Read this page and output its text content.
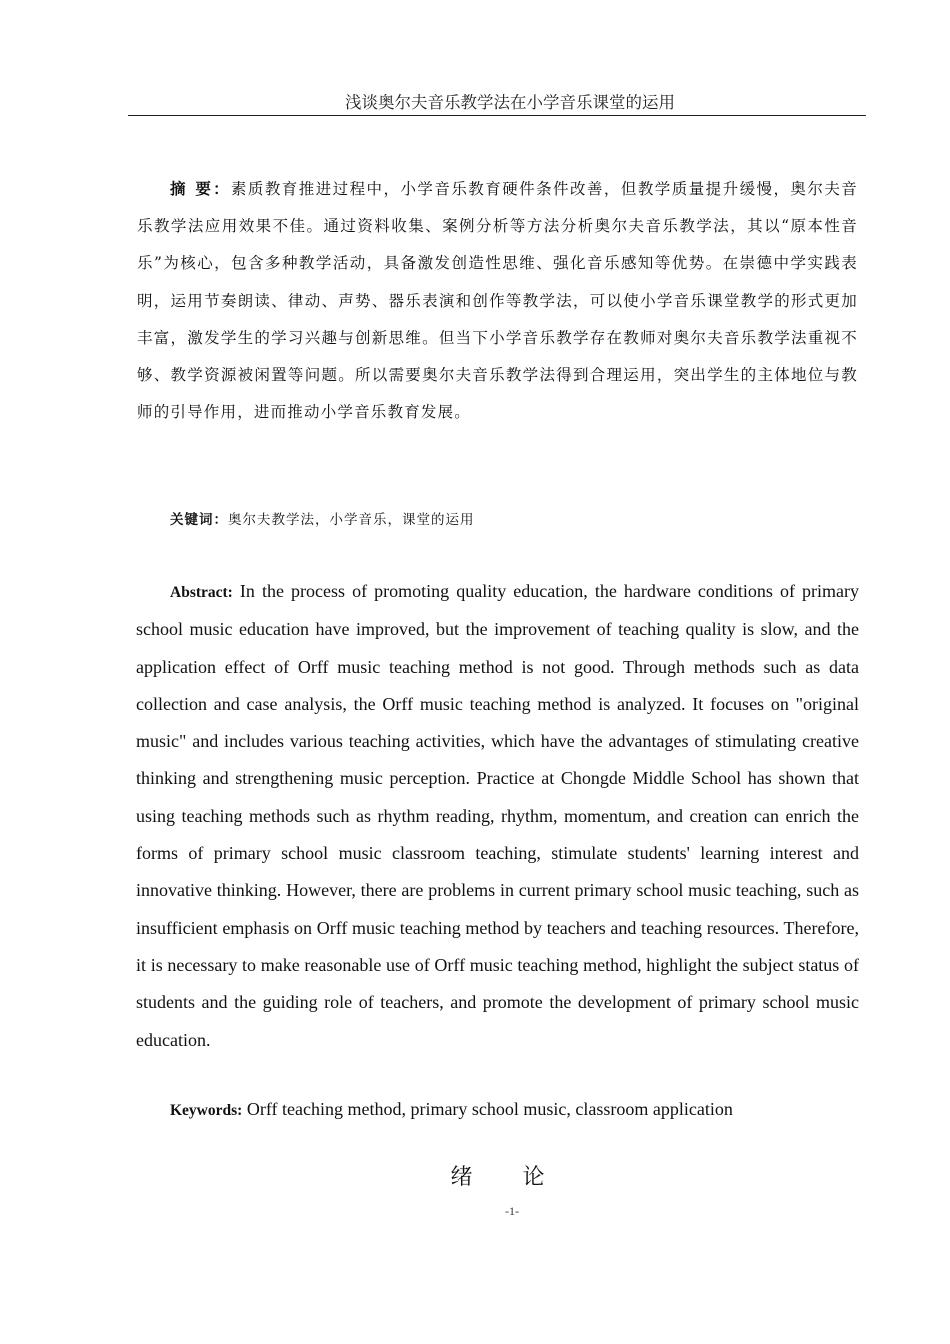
浅谈奥尔夫音乐教学法在小学音乐课堂的运用

摘 要：素质教育推进过程中，小学音乐教育硬件条件改善，但教学质量提升缓慢，奥尔夫音乐教学法应用效果不佳。通过资料收集、案例分析等方法分析奥尔夫音乐教学法，其以“原本性音乐”为核心，包含多种教学活动，具备激发创造性思维、强化音乐感知等优势。在崇德中学实践表明，运用节奏朗读、律动、声势、器乐表演和创作等教学法，可以使小学音乐课堂教学的形式更加丰富，激发学生的学习兴趣与创新思维。但当下小学音乐教学存在教师对奥尔夫音乐教学法重视不够、教学资源被闲置等问题。所以需要奥尔夫音乐教学法得到合理运用，突出学生的主体地位与教师的引导作用，进而推动小学音乐教育发展。

关键词：奥尔夫教学法，小学音乐，课堂的运用

Abstract: In the process of promoting quality education, the hardware conditions of primary school music education have improved, but the improvement of teaching quality is slow, and the application effect of Orff music teaching method is not good. Through methods such as data collection and case analysis, the Orff music teaching method is analyzed. It focuses on "original music" and includes various teaching activities, which have the advantages of stimulating creative thinking and strengthening music perception. Practice at Chongde Middle School has shown that using teaching methods such as rhythm reading, rhythm, momentum, and creation can enrich the forms of primary school music classroom teaching, stimulate students' learning interest and innovative thinking. However, there are problems in current primary school music teaching, such as insufficient emphasis on Orff music teaching method by teachers and teaching resources. Therefore, it is necessary to make reasonable use of Orff music teaching method, highlight the subject status of students and the guiding role of teachers, and promote the development of primary school music education.

Keywords: Orff teaching method, primary school music, classroom application

绪论
-1-
